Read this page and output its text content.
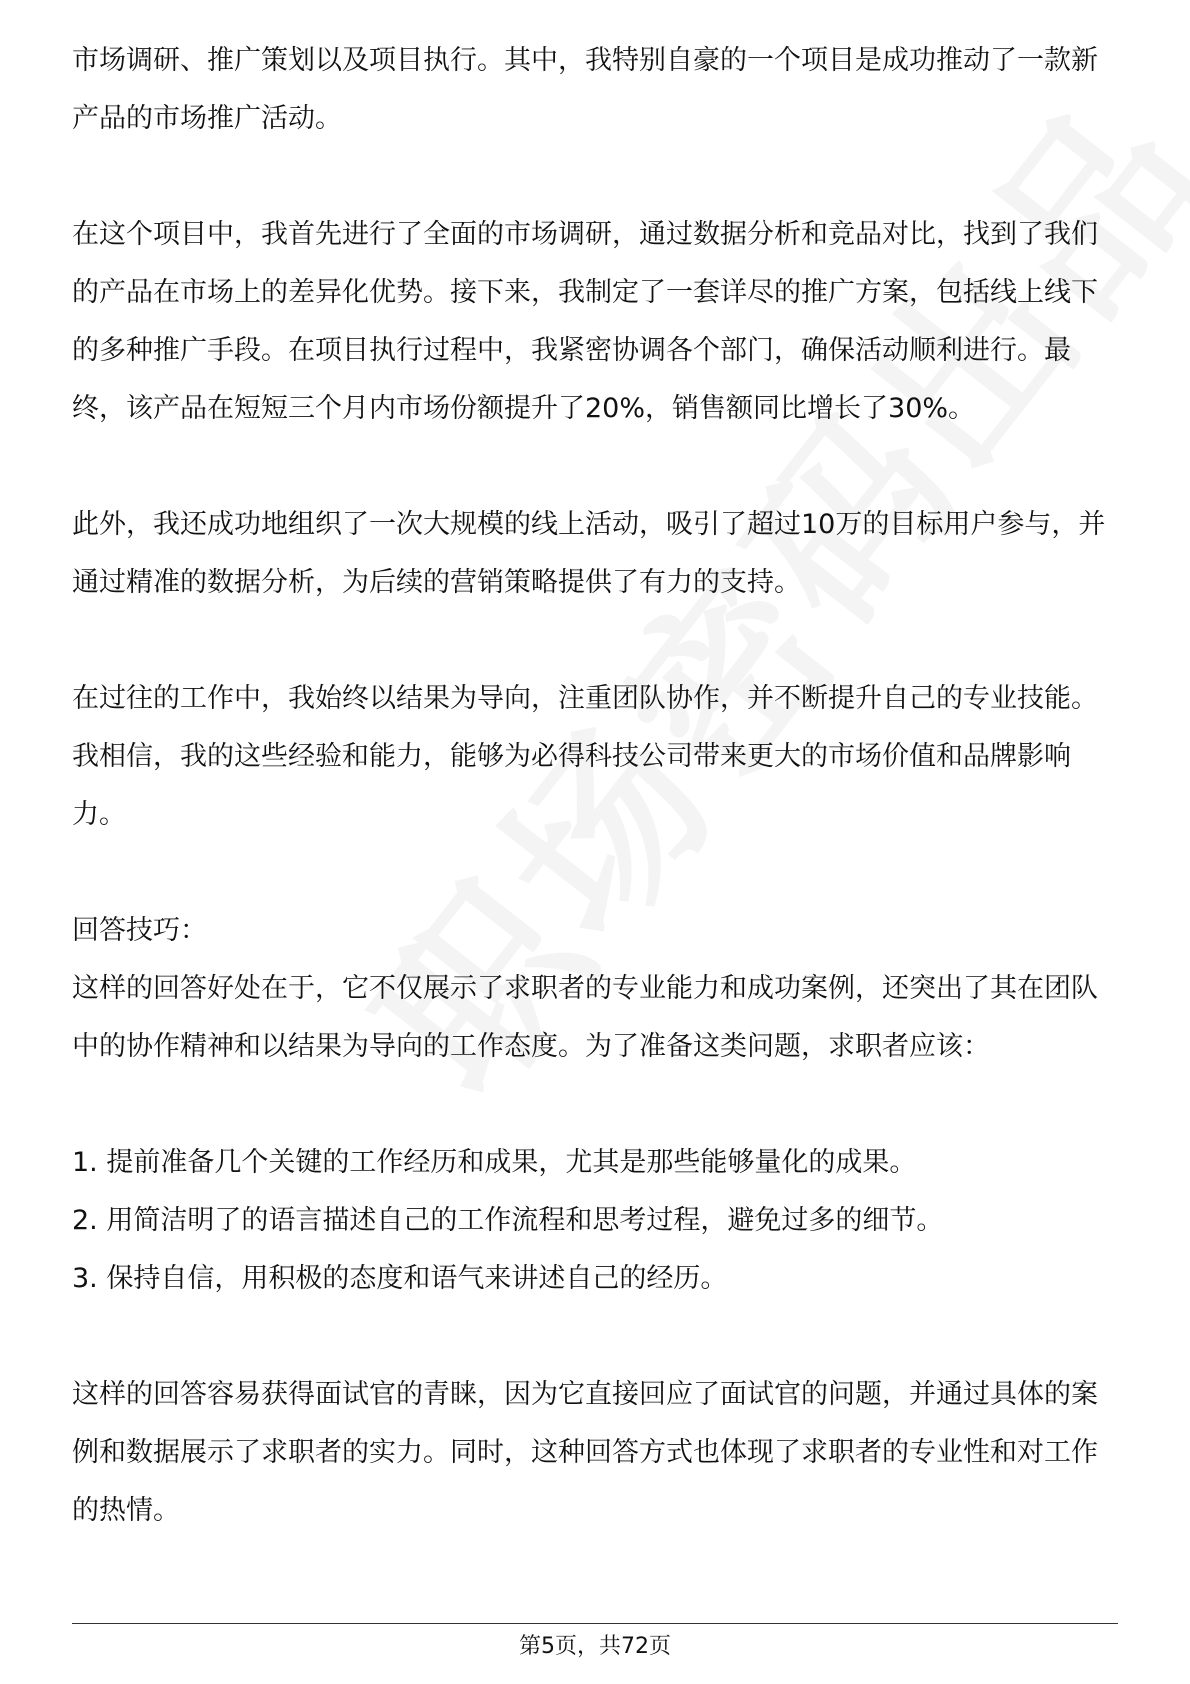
市场调研、推广策划以及项目执行。其中，我特别自豪的一个项目是成功推动了一款新产品的市场推广活动。

在这个项目中，我首先进行了全面的市场调研，通过数据分析和竞品对比，找到了我们的产品在市场上的差异化优势。接下来，我制定了一套详尽的推广方案，包括线上线下的多种推广手段。在项目执行过程中，我紧密协调各个部门，确保活动顺利进行。最终，该产品在短短三个月内市场份额提升了20%，销售额同比增长了30%。

此外，我还成功地组织了一次大规模的线上活动，吸引了超过10万的目标用户参与，并通过精准的数据分析，为后续的营销策略提供了有力的支持。

在过往的工作中，我始终以结果为导向，注重团队协作，并不断提升自己的专业技能。我相信，我的这些经验和能力，能够为必得科技公司带来更大的市场价值和品牌影响力。

回答技巧：

这样的回答好处在于，它不仅展示了求职者的专业能力和成功案例，还突出了其在团队中的协作精神和以结果为导向的工作态度。为了准备这类问题，求职者应该：

1. 提前准备几个关键的工作经历和成果，尤其是那些能够量化的成果。

2. 用简洁明了的语言描述自己的工作流程和思考过程，避免过多的细节。

3. 保持自信，用积极的态度和语气来讲述自己的经历。

这样的回答容易获得面试官的青睐，因为它直接回应了面试官的问题，并通过具体的案例和数据展示了求职者的实力。同时，这种回答方式也体现了求职者的专业性和对工作的热情。

第5页，共72页
